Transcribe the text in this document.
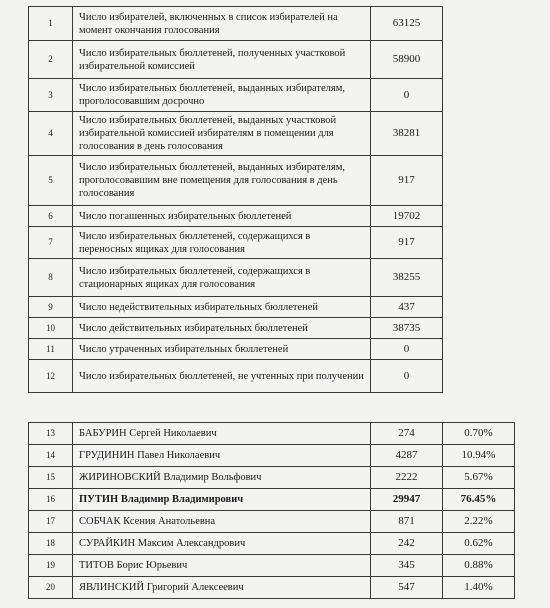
1	Число избирателей, включенных в список избирателей на момент окончания голосования	63125
2	Число избирательных бюллетеней, полученных участковой избирательной комиссией	58900
3	Число избирательных бюллетеней, выданных избирателям, проголосовавшим досрочно	0
4	Число избирательных бюллетеней, выданных участковой избирательной комиссией избирателям в помещении для голосования в день голосования	38281
5	Число избирательных бюллетеней, выданных избирателям, проголосовавшим вне помещения для голосования в день голосования	917
6	Число погашенных избирательных бюллетеней	19702
7	Число избирательных бюллетеней, содержащихся в переносных ящиках для голосования	917
8	Число избирательных бюллетеней, содержащихся в стационарных ящиках для голосования	38255
9	Число недействительных избирательных бюллетеней	437
10	Число действительных избирательных бюллетеней	38735
11	Число утраченных избирательных бюллетеней	0
12	Число избирательных бюллетеней, не учтенных при получении	0
13	БАБУРИН Сергей Николаевич	274	0.70%
14	ГРУДИНИН Павел Николаевич	4287	10.94%
15	ЖИРИНОВСКИЙ Владимир Вольфович	2222	5.67%
16	ПУТИН Владимир Владимирович	29947	76.45%
17	СОБЧАК Ксения Анатольевна	871	2.22%
18	СУРАЙКИН Максим Александрович	242	0.62%
19	ТИТОВ Борис Юрьевич	345	0.88%
20	ЯВЛИНСКИЙ Григорий Алексеевич	547	1.40%
